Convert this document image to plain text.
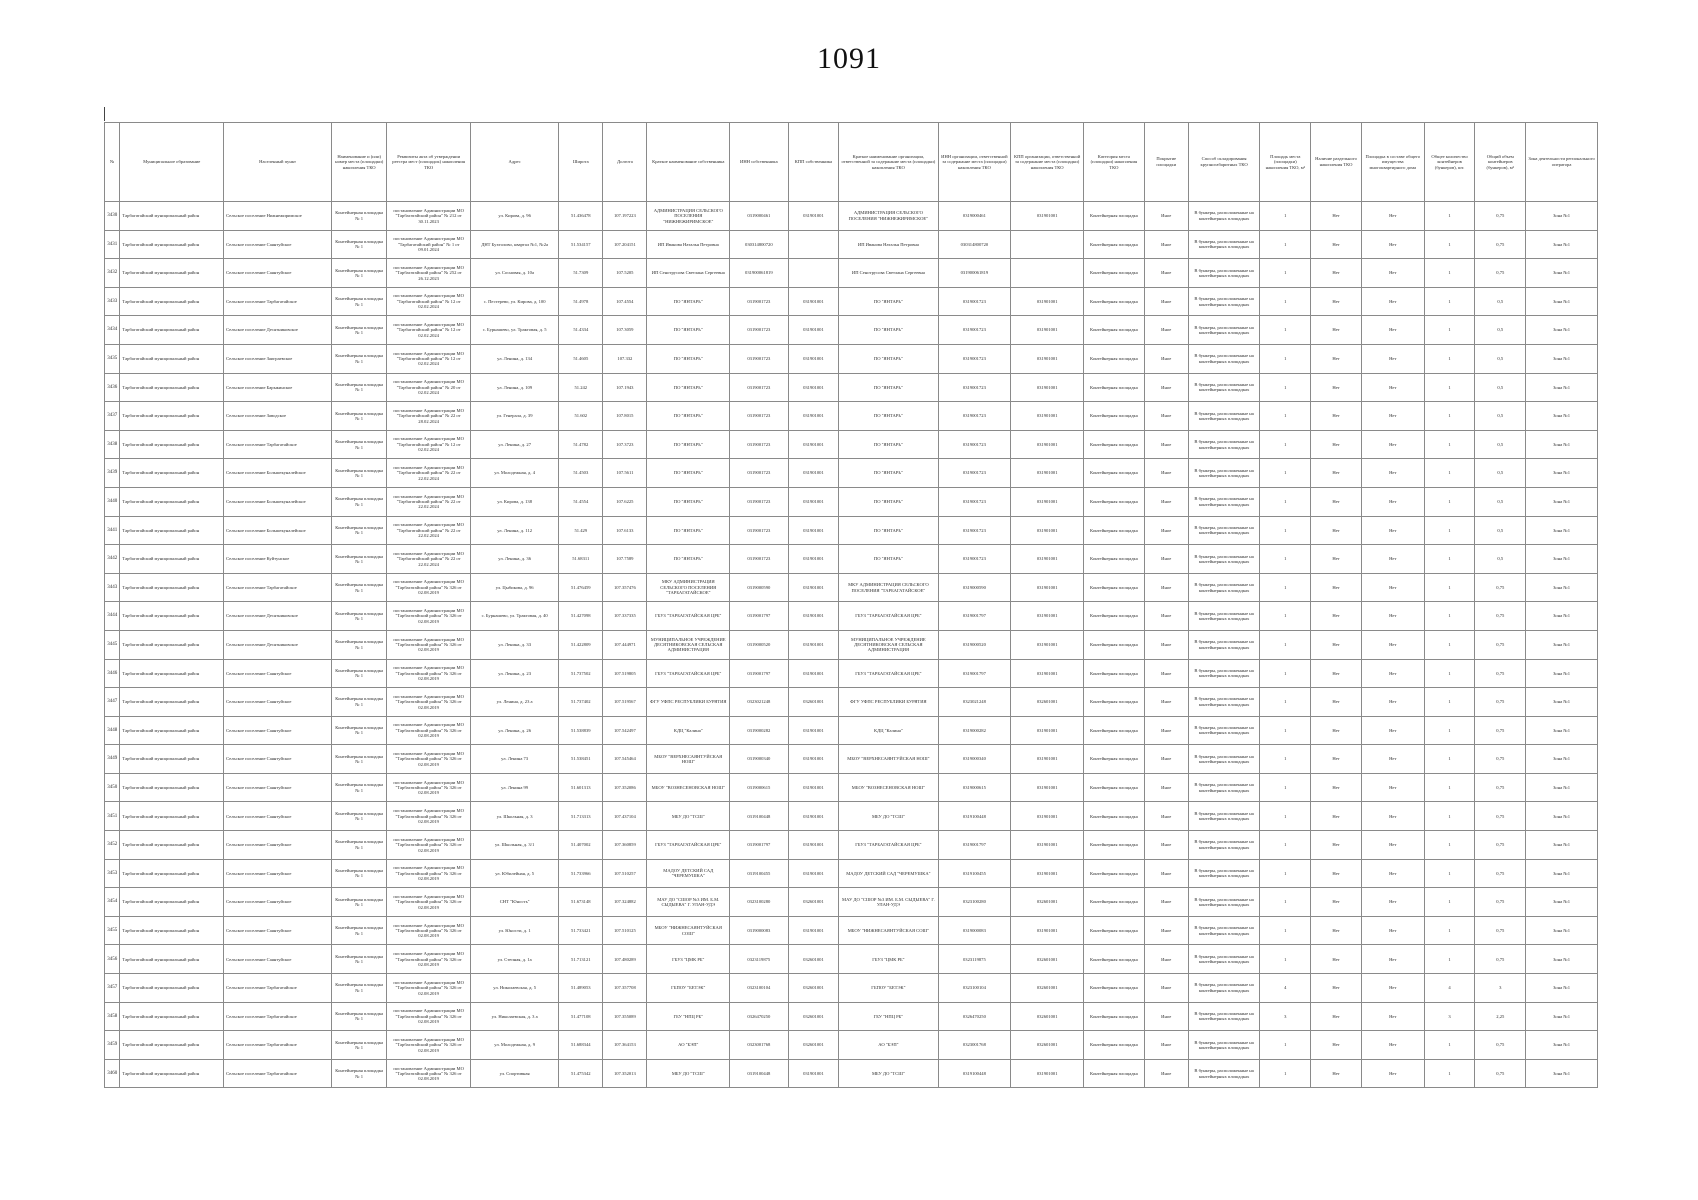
1091
№	Муниципальное образование	Населенный пункт	Наименование и (или) номер места (площадки) накопления ТКО	Реквизиты акта об утверждении реестра мест (площадок) накопления ТКО	Адрес	Широта	Долгота	Краткое наименование собственника	ИНН собственника	КПП собственника	Краткое наименование организации, ответственной за содержание места (площадки) накопления ТКО	ИНН организации, ответственной за содержание места (площадки) накопления ТКО	КПП организации, ответственной за содержание места (площадки) накопления ТКО	Категория места (площадки) накопления ТКО	Покрытие площадки	Способ складирования крупногабаритных ТКО	Площадь места (площадки) накопления ТКО, м²	Наличие раздельного накопления ТКО	Площадка в составе общего имущества многоквартирного дома	Общее количество контейнеров (бункеров), шт.	Общий объем контейнеров (бункеров), м³	Зона деятельности регионального оператора
3430	Тарбагатайский муниципальный район	Сельское поселение Нижнежиримское	Контейнерная площадка № 1	постановление Администрации МО "Тарбагатайский район" № 212 от 30.11.2023	ул. Кирова, д. 96	51.436478	107.197223	АДМИНИСТРАЦИЯ СЕЛЬСКОГО ПОСЕЛЕНИЯ "НИЖНЕЖИРИМСКОЕ"	0319000461	031901001	АДМИНИСТРАЦИЯ СЕЛЬСКОГО ПОСЕЛЕНИЯ "НИЖНЕЖИРИМСКОЕ"	0319000461	031901001	Контейнерная площадка	Иное	В бункеры, расположенные на контейнерных площадках	1	Нет	Нет	1	0,75	Зона №1
3431	Тарбагатайский муниципальный район	Сельское поселение Саянтуйское	Контейнерная площадка № 1	постановление Администрации МО "Тарбагатайский район" № 1 от 09.01.2024	ДНТ Бухтолово, квартал №1, №2а	51.534157	107.204151	ИП Иванова Наталья Петровна	030314800720		ИП Иванова Наталья Петровна	030314800720		Контейнерная площадка	Иное	В бункеры, расположенные на контейнерных площадках	1	Нет	Нет	1	0,75	Зона №1
3432	Тарбагатайский муниципальный район	Сельское поселение Саянтуйское	Контейнерная площадка № 1	постановление Администрации МО "Тарбагатайский район" № 252 от 26.12.2023	ул. Сосновая, д. 10а	51.7309	107.5205	ИП Сенотрусова Светлана Сергеевна	031900061819		ИП Сенотрусова Светлана Сергеевна	031900061819		Контейнерная площадка	Иное	В бункеры, расположенные на контейнерных площадках	1	Нет	Нет	1	0,75	Зона №1
3433	Тарбагатайский муниципальный район	Сельское поселение Тарбагатайское	Контейнерная площадка № 1	постановление Администрации МО "Тарбагатайский район" № 12 от 02.02.2024	с. Пестерево, ул. Кирова, д. 100	51.4978	107.4554	ПО "ЯНТАРЬ"	0319001723	031901001	ПО "ЯНТАРЬ"	0319001723	031901001	Контейнерная площадка	Иное	В бункеры, расположенные на контейнерных площадках	1	Нет	Нет	1	0,5	Зона №1
3434	Тарбагатайский муниципальный район	Сельское поселение Десятниковское	Контейнерная площадка № 1	постановление Администрации МО "Тарбагатайский район" № 12 от 02.02.2024	с. Бурнашево, ул. Трактовая, д. 5	51.4334	107.3059	ПО "ЯНТАРЬ"	0319001723	031901001	ПО "ЯНТАРЬ"	0319001723	031901001	Контейнерная площадка	Иное	В бункеры, расположенные на контейнерных площадках	1	Нет	Нет	1	0,5	Зона №1
3435	Тарбагатайский муниципальный район	Сельское поселение Заиграевское	Контейнерная площадка № 1	постановление Администрации МО "Тарбагатайский район" № 12 от 02.02.2024	ул. Ленина, д. 134	51.4605	107.332	ПО "ЯНТАРЬ"	0319001723	031901001	ПО "ЯНТАРЬ"	0319001723	031901001	Контейнерная площадка	Иное	В бункеры, расположенные на контейнерных площадках	1	Нет	Нет	1	0,5	Зона №1
3436	Тарбагатайский муниципальный район	Сельское поселение Барыкинское	Контейнерная площадка № 1	постановление Администрации МО "Тарбагатайский район" № 20 от 02.02.2024	ул. Ленина, д. 109	51.242	107.1943	ПО "ЯНТАРЬ"	0319001723	031901001	ПО "ЯНТАРЬ"	0319001723	031901001	Контейнерная площадка	Иное	В бункеры, расположенные на контейнерных площадках	1	Нет	Нет	1	0,5	Зона №1
3437	Тарбагатайский муниципальный район	Сельское поселение Заводское	Контейнерная площадка № 1	постановление Администрации МО "Тарбагатайский район" № 22 от 28.02.2024	ул. Генерала, д. 39	51.602	107.8015	ПО "ЯНТАРЬ"	0319001723	031901001	ПО "ЯНТАРЬ"	0319001723	031901001	Контейнерная площадка	Иное	В бункеры, расположенные на контейнерных площадках	1	Нет	Нет	1	0,5	Зона №1
3438	Тарбагатайский муниципальный район	Сельское поселение Тарбагатайское	Контейнерная площадка № 1	постановление Администрации МО "Тарбагатайский район" № 12 от 02.02.2024	ул. Ленина, д. 27	51.4782	107.3723	ПО "ЯНТАРЬ"	0319001723	031901001	ПО "ЯНТАРЬ"	0319001723	031901001	Контейнерная площадка	Иное	В бункеры, расположенные на контейнерных площадках	1	Нет	Нет	1	0,5	Зона №1
3439	Тарбагатайский муниципальный район	Сельское поселение Большекуналейское	Контейнерная площадка № 1	постановление Администрации МО "Тарбагатайский район" № 22 от 22.02.2024	ул. Молодежная, д. 4	51.4503	107.5611	ПО "ЯНТАРЬ"	0319001723	031901001	ПО "ЯНТАРЬ"	0319001723	031901001	Контейнерная площадка	Иное	В бункеры, расположенные на контейнерных площадках	1	Нет	Нет	1	0,5	Зона №1
3440	Тарбагатайский муниципальный район	Сельское поселение Большекуналейское	Контейнерная площадка № 1	постановление Администрации МО "Тарбагатайский район" № 22 от 22.02.2024	ул. Кирова, д. 138	51.4554	107.6225	ПО "ЯНТАРЬ"	0319001723	031901001	ПО "ЯНТАРЬ"	0319001723	031901001	Контейнерная площадка	Иное	В бункеры, расположенные на контейнерных площадках	1	Нет	Нет	1	0,5	Зона №1
3441	Тарбагатайский муниципальный район	Сельское поселение Большекуналейское	Контейнерная площадка № 1	постановление Администрации МО "Тарбагатайский район" № 22 от 22.02.2024	ул. Ленина, д. 112	51.429	107.6133	ПО "ЯНТАРЬ"	0319001723	031901001	ПО "ЯНТАРЬ"	0319001723	031901001	Контейнерная площадка	Иное	В бункеры, расположенные на контейнерных площадках	1	Нет	Нет	1	0,5	Зона №1
3442	Тарбагатайский муниципальный район	Сельское поселение Куйтунское	Контейнерная площадка № 1	постановление Администрации МО "Тарбагатайский район" № 22 от 22.02.2024	ул. Ленина, д. 36	51.68311	107.7589	ПО "ЯНТАРЬ"	0319001723	031901001	ПО "ЯНТАРЬ"	0319001723	031901001	Контейнерная площадка	Иное	В бункеры, расположенные на контейнерных площадках	1	Нет	Нет	1	0,5	Зона №1
3443	Тарбагатайский муниципальный район	Сельское поселение Тарбагатайское	Контейнерная площадка № 1	постановление Администрации МО "Тарбагатайский район" № 326 от 02.08.2019	ул. Цыбикова, д. 96	51.476459	107.357476	МКУ АДМИНИСТРАЦИЯ СЕЛЬСКОГО ПОСЕЛЕНИЯ "ТАРБАГАТАЙСКОЕ"	0319000590	031901001	МКУ АДМИНИСТРАЦИЯ СЕЛЬСКОГО ПОСЕЛЕНИЯ "ТАРБАГАТАЙСКОЕ"	0319000590	031901001	Контейнерная площадка	Иное	В бункеры, расположенные на контейнерных площадках	1	Нет	Нет	1	0,75	Зона №1
3444	Тарбагатайский муниципальный район	Сельское поселение Десятниковское	Контейнерная площадка № 1	постановление Администрации МО "Тарбагатайский район" № 326 от 02.08.2019	с. Бурнашево, ул. Трактовая, д. 40	51.427098	107.337335	ГБУЗ "ТАРБАГАТАЙСКАЯ ЦРБ"	0319001797	031901001	ГБУЗ "ТАРБАГАТАЙСКАЯ ЦРБ"	0319001797	031901001	Контейнерная площадка	Иное	В бункеры, расположенные на контейнерных площадках	1	Нет	Нет	1	0,75	Зона №1
3445	Тарбагатайский муниципальный район	Сельское поселение Десятниковское	Контейнерная площадка № 1	постановление Администрации МО "Тарбагатайский район" № 326 от 02.08.2019	ул. Ленина, д. 33	51.422809	107.444971	МУНИЦИПАЛЬНОЕ УЧРЕЖДЕНИЕ ДЕСЯТНИКОВСКАЯ СЕЛЬСКАЯ АДМИНИСТРАЦИЯ	0319000520	031901001	МУНИЦИПАЛЬНОЕ УЧРЕЖДЕНИЕ ДЕСЯТНИКОВСКАЯ СЕЛЬСКАЯ АДМИНИСТРАЦИЯ	0319000520	031901001	Контейнерная площадка	Иное	В бункеры, расположенные на контейнерных площадках	1	Нет	Нет	1	0,75	Зона №1
3446	Тарбагатайский муниципальный район	Сельское поселение Саянтуйское	Контейнерная площадка № 1	постановление Администрации МО "Тарбагатайский район" № 326 от 02.08.2019	ул. Ленина, д. 23	51.737502	107.519805	ГБУЗ "ТАРБАГАТАЙСКАЯ ЦРБ"	0319001797	031901001	ГБУЗ "ТАРБАГАТАЙСКАЯ ЦРБ"	0319001797	031901001	Контейнерная площадка	Иное	В бункеры, расположенные на контейнерных площадках	1	Нет	Нет	1	0,75	Зона №1
3447	Тарбагатайский муниципальный район	Сельское поселение Саянтуйское	Контейнерная площадка № 1	постановление Администрации МО "Тарбагатайский район" № 326 от 02.08.2019	ул. Ленина, д. 23 а	51.737402	107.519567	ФГУ УФПС РЕСПУБЛИКИ БУРЯТИЯ	0323021248	032601001	ФГУ УФПС РЕСПУБЛИКИ БУРЯТИЯ	0323021248	032601001	Контейнерная площадка	Иное	В бункеры, расположенные на контейнерных площадках	1	Нет	Нет	1	0,75	Зона №1
3448	Тарбагатайский муниципальный район	Сельское поселение Саянтуйское	Контейнерная площадка № 1	постановление Администрации МО "Тарбагатайский район" № 326 от 02.08.2019	ул. Ленина, д. 26	51.538839	107.542497	КДЦ "Калина"	0319000282	031901001	КДЦ "Калина"	0319000282	031901001	Контейнерная площадка	Иное	В бункеры, расположенные на контейнерных площадках	1	Нет	Нет	1	0,75	Зона №1
3449	Тарбагатайский муниципальный район	Сельское поселение Саянтуйское	Контейнерная площадка № 1	постановление Администрации МО "Тарбагатайский район" № 326 от 02.08.2019	ул. Ленина 73	51.538451	107.545464	МБОУ "ВЕРХНЕСАЯНТУЙСКАЯ НОШ"	0319000340	031901001	МБОУ "ВЕРХНЕСАЯНТУЙСКАЯ НОШ"	0319000340	031901001	Контейнерная площадка	Иное	В бункеры, расположенные на контейнерных площадках	1	Нет	Нет	1	0,75	Зона №1
3450	Тарбагатайский муниципальный район	Сельское поселение Саянтуйское	Контейнерная площадка № 1	постановление Администрации МО "Тарбагатайский район" № 326 от 02.08.2019	ул. Ленина 99	51.601313	107.352086	МБОУ "ВОЗНЕСЕНОВСКАЯ НОШ"	0319000615	031901001	МБОУ "ВОЗНЕСЕНОВСКАЯ НОШ"	0319000615	031901001	Контейнерная площадка	Иное	В бункеры, расположенные на контейнерных площадках	1	Нет	Нет	1	0,75	Зона №1
3451	Тарбагатайский муниципальный район	Сельское поселение Саянтуйское	Контейнерная площадка № 1	постановление Администрации МО "Тарбагатайский район" № 326 от 02.08.2019	ул. Школьная, д. 3	51.713313	107.437104	МБУ ДО "ТСШ"	0319100448	031901001	МБУ ДО "ТСШ"	0319100448	031901001	Контейнерная площадка	Иное	В бункеры, расположенные на контейнерных площадках	1	Нет	Нет	1	0,75	Зона №1
3452	Тарбагатайский муниципальный район	Сельское поселение Саянтуйское	Контейнерная площадка № 1	постановление Администрации МО "Тарбагатайский район" № 326 от 02.08.2019	ул. Школьная, д. 3/1	51.407002	107.360859	ГБУЗ "ТАРБАГАТАЙСКАЯ ЦРБ"	0319001797	031901001	ГБУЗ "ТАРБАГАТАЙСКАЯ ЦРБ"	0319001797	031901001	Контейнерная площадка	Иное	В бункеры, расположенные на контейнерных площадках	1	Нет	Нет	1	0,75	Зона №1
3453	Тарбагатайский муниципальный район	Сельское поселение Саянтуйское	Контейнерная площадка № 1	постановление Администрации МО "Тарбагатайский район" № 326 от 02.08.2019	ул. Юбилейная, д. 5	51.733966	107.510257	МАДОУ ДЕТСКИЙ САД "ЧЕРЕМУШКА"	0319100455	031901001	МАДОУ ДЕТСКИЙ САД "ЧЕРЕМУШКА"	0319100455	031901001	Контейнерная площадка	Иное	В бункеры, расположенные на контейнерных площадках	1	Нет	Нет	1	0,75	Зона №1
3454	Тарбагатайский муниципальный район	Сельское поселение Саянтуйское	Контейнерная площадка № 1	постановление Администрации МО "Тарбагатайский район" № 326 от 02.08.2019	СНТ "Юность"	51.673148	107.324882	МАУ ДО "СШОР №3 ИМ. Б.М. СЫДЫЕВА" Г. УЛАН-УДЭ	0323100280	032601001	МАУ ДО "СШОР №3 ИМ. Б.М. СЫДЫЕВА" Г. УЛАН-УДЭ	0323100280	032601001	Контейнерная площадка	Иное	В бункеры, расположенные на контейнерных площадках	1	Нет	Нет	1	0,75	Зона №1
3455	Тарбагатайский муниципальный район	Сельское поселение Саянтуйское	Контейнерная площадка № 1	постановление Администрации МО "Тарбагатайский район" № 326 от 02.08.2019	ул. Юности, д. 1	51.733421	107.510125	МБОУ "НИЖНЕСАЯНТУЙСКАЯ СОШ"	0319000083	031901001	МБОУ "НИЖНЕСАЯНТУЙСКАЯ СОШ"	0319000083	031901001	Контейнерная площадка	Иное	В бункеры, расположенные на контейнерных площадках	1	Нет	Нет	1	0,75	Зона №1
3456	Тарбагатайский муниципальный район	Сельское поселение Саянтуйское	Контейнерная площадка № 1	постановление Администрации МО "Тарбагатайский район" № 326 от 02.08.2019	ул. Степная, д. 1а	51.713121	107.480289	ГБУЗ "ЦМК РБ"	0323119875	032601001	ГБУЗ "ЦМК РБ"	0323119875	032601001	Контейнерная площадка	Иное	В бункеры, расположенные на контейнерных площадках	1	Нет	Нет	1	0,75	Зона №1
3457	Тарбагатайский муниципальный район	Сельское поселение Тарбагатайское	Контейнерная площадка № 1	постановление Администрации МО "Тарбагатайский район" № 326 от 02.08.2019	ул. Николаевская, д. 5	51.489053	107.357708	ГБПОУ "БЕТЭК"	0323100104	032601001	ГБПОУ "БЕТЭК"	0323100104	032601001	Контейнерная площадка	Иное	В бункеры, расположенные на контейнерных площадках	4	Нет	Нет	4	3	Зона №1
3458	Тарбагатайский муниципальный район	Сельское поселение Тарбагатайское	Контейнерная площадка № 1	постановление Администрации МО "Тарбагатайский район" № 326 от 02.08.2019	ул. Николаевская, д. 3 а	51.477108	107.355089	ГБУ "НПЦ РБ"	0326470250	032601001	ГБУ "НПЦ РБ"	0326470250	032601001	Контейнерная площадка	Иное	В бункеры, расположенные на контейнерных площадках	3	Нет	Нет	3	2,25	Зона №1
3459	Тарбагатайский муниципальный район	Сельское поселение Тарбагатайское	Контейнерная площадка № 1	постановление Администрации МО "Тарбагатайский район" № 326 от 02.08.2019	ул. Молодежная, д. 9	51.688344	107.364153	АО "БЭП"	0323001768	032601001	АО "БЭП"	0323001768	032601001	Контейнерная площадка	Иное	В бункеры, расположенные на контейнерных площадках	1	Нет	Нет	1	0,75	Зона №1
3460	Тарбагатайский муниципальный район	Сельское поселение Тарбагатайское	Контейнерная площадка № 1	постановление Администрации МО "Тарбагатайский район" № 326 от 02.08.2019	ул. Спортивная	51.475342	107.352013	МБУ ДО "ТСШ"	0319100448	031901001	МБУ ДО "ТСШ"	0319100448	031901001	Контейнерная площадка	Иное	В бункеры, расположенные на контейнерных площадках	1	Нет	Нет	1	0,75	Зона №1
